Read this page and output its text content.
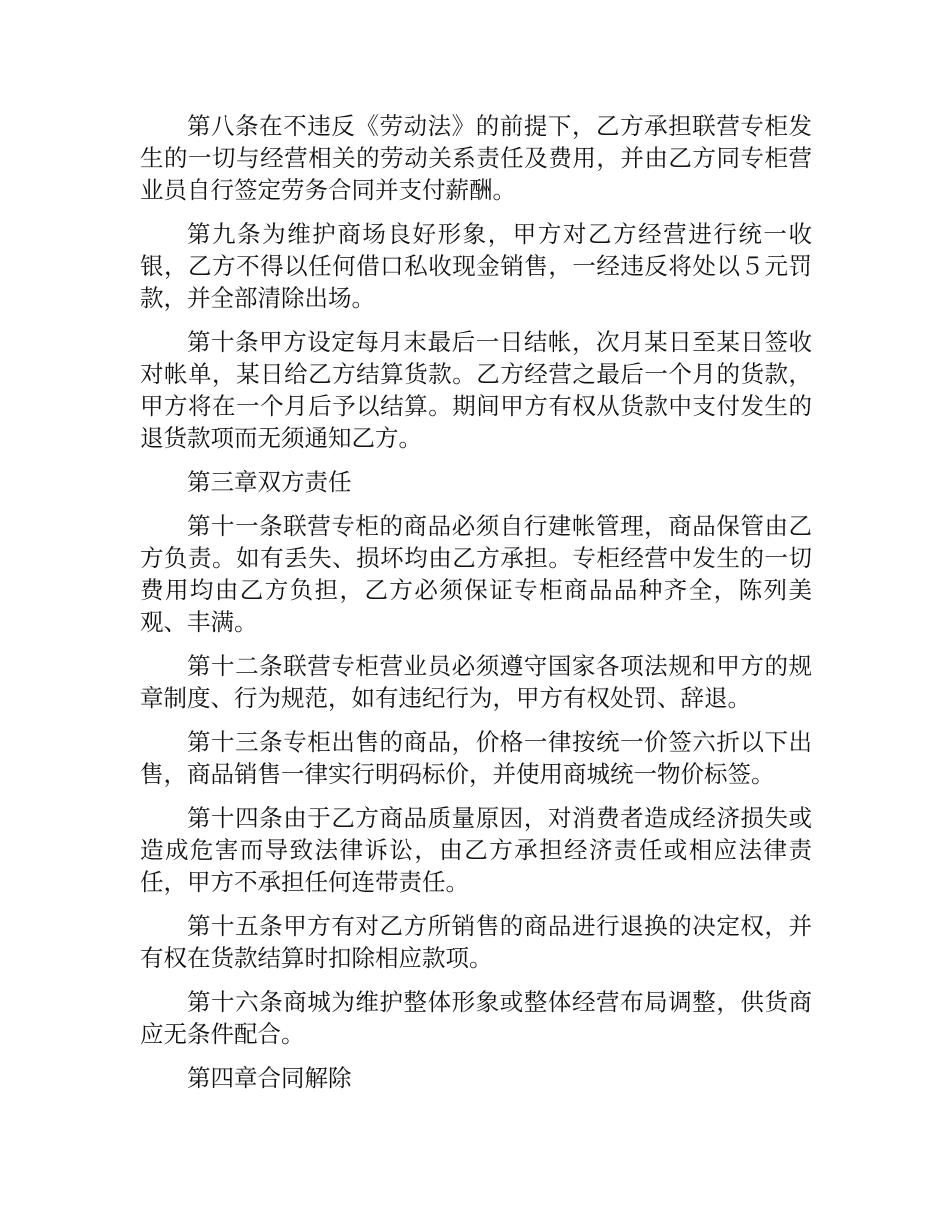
第八条在不违反《劳动法》的前提下，乙方承担联营专柜发生的一切与经营相关的劳动关系责任及费用，并由乙方同专柜营业员自行签定劳务合同并支付薪酬。

第九条为维护商场良好形象，甲方对乙方经营进行统一收银，乙方不得以任何借口私收现金销售，一经违反将处以５元罚款，并全部清除出场。

第十条甲方设定每月末最后一日结帐，次月某日至某日签收对帐单，某日给乙方结算货款。乙方经营之最后一个月的货款，甲方将在一个月后予以结算。期间甲方有权从货款中支付发生的退货款项而无须通知乙方。

第三章双方责任

第十一条联营专柜的商品必须自行建帐管理，商品保管由乙方负责。如有丢失、损坏均由乙方承担。专柜经营中发生的一切费用均由乙方负担，乙方必须保证专柜商品品种齐全，陈列美观、丰满。

第十二条联营专柜营业员必须遵守国家各项法规和甲方的规章制度、行为规范，如有违纪行为，甲方有权处罚、辞退。

第十三条专柜出售的商品，价格一律按统一价签六折以下出售，商品销售一律实行明码标价，并使用商城统一物价标签。

第十四条由于乙方商品质量原因，对消费者造成经济损失或造成危害而导致法律诉讼，由乙方承担经济责任或相应法律责任，甲方不承担任何连带责任。

第十五条甲方有对乙方所销售的商品进行退换的决定权，并有权在货款结算时扣除相应款项。

第十六条商城为维护整体形象或整体经营布局调整，供货商应无条件配合。

第四章合同解除
